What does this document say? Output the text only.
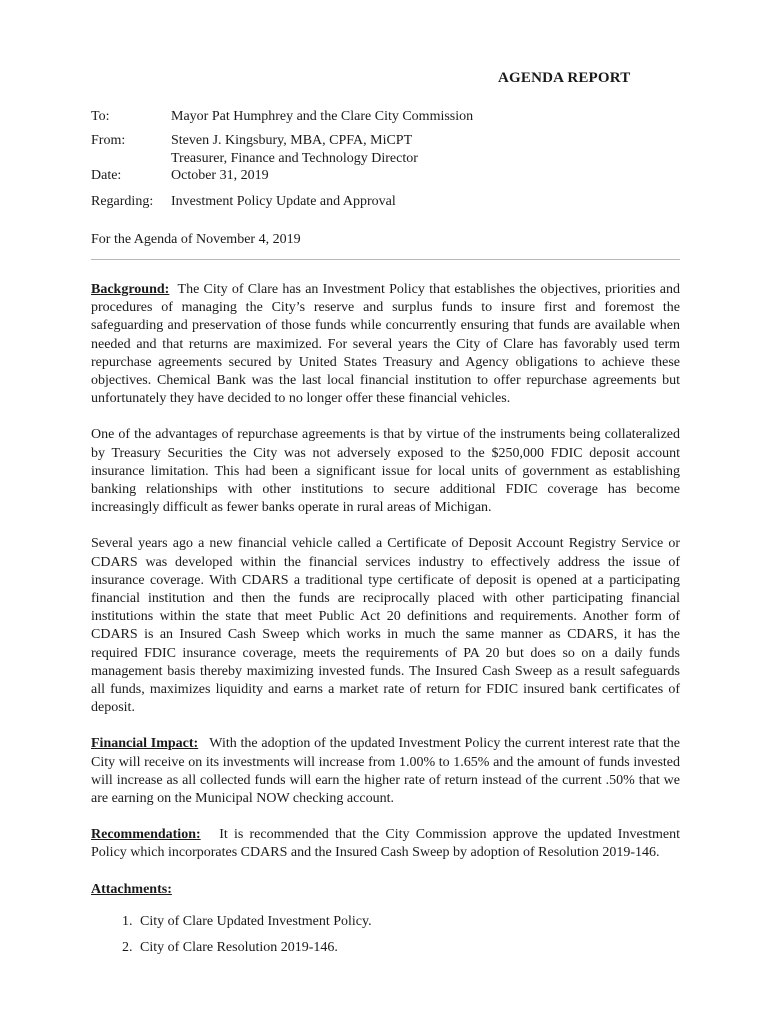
AGENDA REPORT
To:	Mayor Pat Humphrey and the Clare City Commission
From:	Steven J. Kingsbury, MBA, CPFA, MiCPT
Treasurer, Finance and Technology Director
Date:	October 31, 2019
Regarding:	Investment Policy Update and Approval
For the Agenda of November 4, 2019

Background: The City of Clare has an Investment Policy that establishes the objectives, priorities and procedures of managing the City’s reserve and surplus funds to insure first and foremost the safeguarding and preservation of those funds while concurrently ensuring that funds are available when needed and that returns are maximized. For several years the City of Clare has favorably used term repurchase agreements secured by United States Treasury and Agency obligations to achieve these objectives. Chemical Bank was the last local financial institution to offer repurchase agreements but unfortunately they have decided to no longer offer these financial vehicles.

One of the advantages of repurchase agreements is that by virtue of the instruments being collateralized by Treasury Securities the City was not adversely exposed to the $250,000 FDIC deposit account insurance limitation. This had been a significant issue for local units of government as establishing banking relationships with other institutions to secure additional FDIC coverage has become increasingly difficult as fewer banks operate in rural areas of Michigan.

Several years ago a new financial vehicle called a Certificate of Deposit Account Registry Service or CDARS was developed within the financial services industry to effectively address the issue of insurance coverage. With CDARS a traditional type certificate of deposit is opened at a participating financial institution and then the funds are reciprocally placed with other participating financial institutions within the state that meet Public Act 20 definitions and requirements. Another form of CDARS is an Insured Cash Sweep which works in much the same manner as CDARS, it has the required FDIC insurance coverage, meets the requirements of PA 20 but does so on a daily funds management basis thereby maximizing invested funds. The Insured Cash Sweep as a result safeguards all funds, maximizes liquidity and earns a market rate of return for FDIC insured bank certificates of deposit.

Financial Impact: With the adoption of the updated Investment Policy the current interest rate that the City will receive on its investments will increase from 1.00% to 1.65% and the amount of funds invested will increase as all collected funds will earn the higher rate of return instead of the current .50% that we are earning on the Municipal NOW checking account.

Recommendation: It is recommended that the City Commission approve the updated Investment Policy which incorporates CDARS and the Insured Cash Sweep by adoption of Resolution 2019-146.

Attachments:
1. City of Clare Updated Investment Policy.
2. City of Clare Resolution 2019-146.
